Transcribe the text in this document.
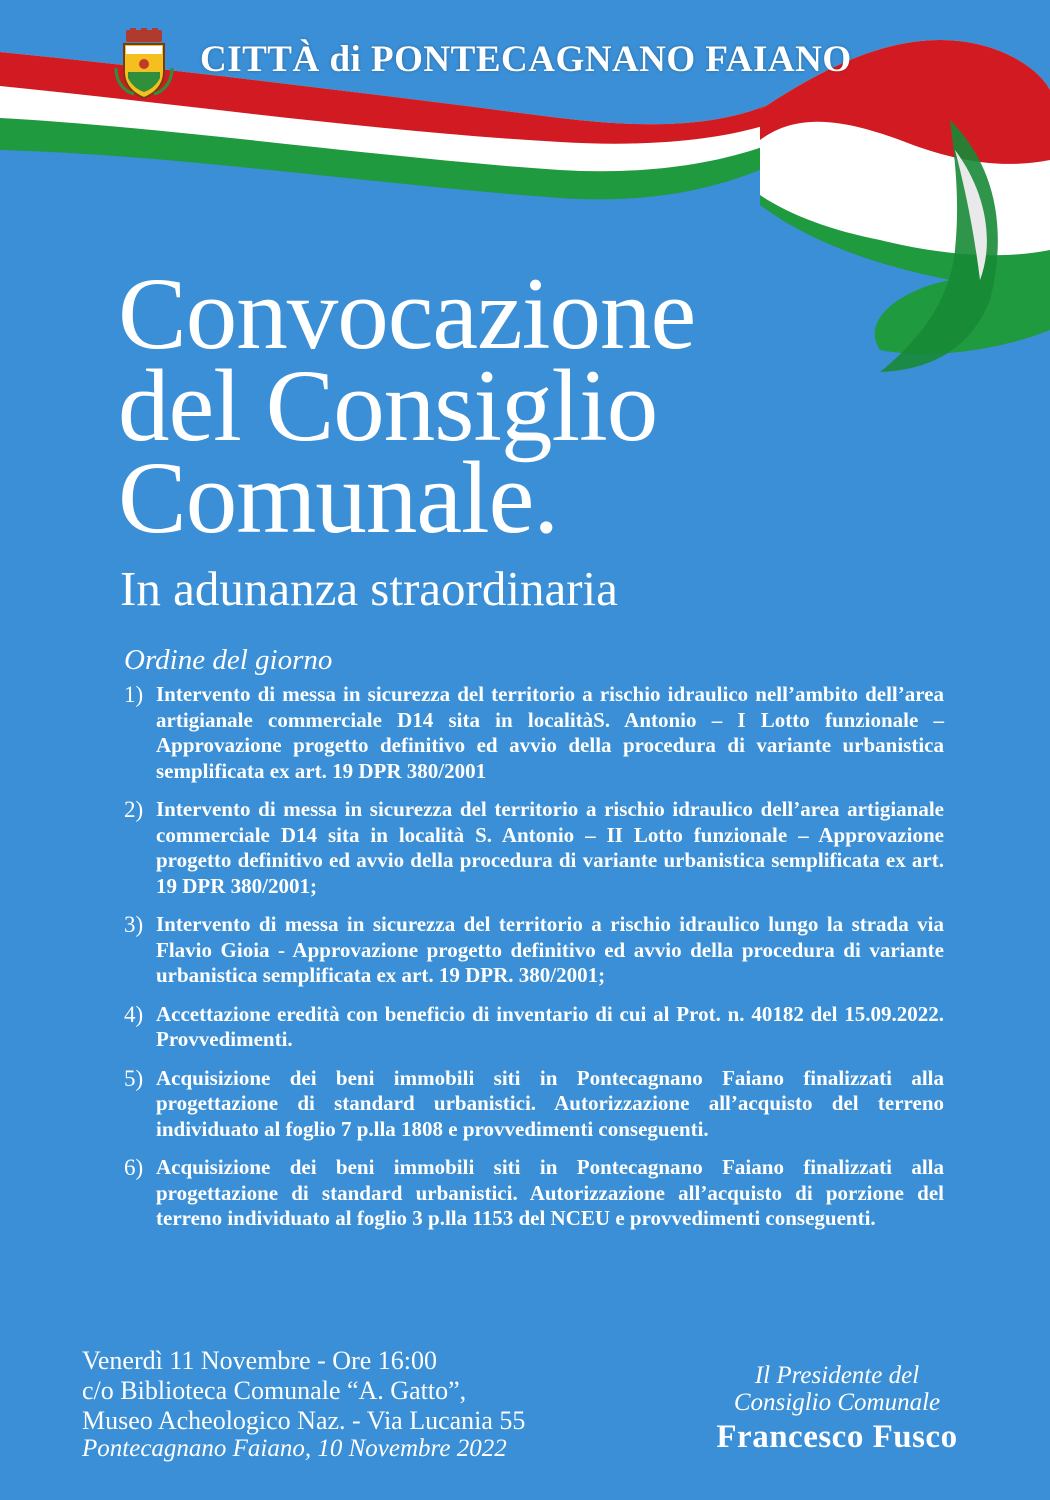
CITTÀ di PONTECAGNANO FAIANO
Convocazione
del Consiglio
Comunale.
In adunanza straordinaria
Ordine del giorno
1) Intervento di messa in sicurezza del territorio a rischio idraulico nell’ambito dell’area artigianale commerciale D14 sita in localitàS. Antonio – I Lotto funzionale – Approvazione progetto definitivo ed avvio della procedura di variante urbanistica semplificata ex art. 19 DPR 380/2001
2) Intervento di messa in sicurezza del territorio a rischio idraulico dell’area artigianale commerciale D14 sita in località S. Antonio – II Lotto funzionale – Approvazione progetto definitivo ed avvio della procedura di variante urbanistica semplificata ex art. 19 DPR 380/2001;
3) Intervento di messa in sicurezza del territorio a rischio idraulico lungo la strada via Flavio Gioia - Approvazione progetto definitivo ed avvio della procedura di variante urbanistica semplificata ex art. 19 DPR. 380/2001;
4) Accettazione eredità con beneficio di inventario di cui al Prot. n. 40182 del 15.09.2022. Provvedimenti.
5) Acquisizione dei beni immobili siti in Pontecagnano Faiano finalizzati alla progettazione di standard urbanistici. Autorizzazione all’acquisto del terreno individuato al foglio 7 p.lla 1808 e provvedimenti conseguenti.
6) Acquisizione dei beni immobili siti in Pontecagnano Faiano finalizzati alla progettazione di standard urbanistici. Autorizzazione all’acquisto di porzione del terreno individuato al foglio 3 p.lla 1153 del NCEU e provvedimenti conseguenti.
Venerdì 11 Novembre - Ore 16:00
c/o Biblioteca Comunale “A. Gatto”,
Museo Acheologico Naz. - Via Lucania 55
Pontecagnano Faiano, 10 Novembre 2022
Il Presidente del
Consiglio Comunale
Francesco Fusco
